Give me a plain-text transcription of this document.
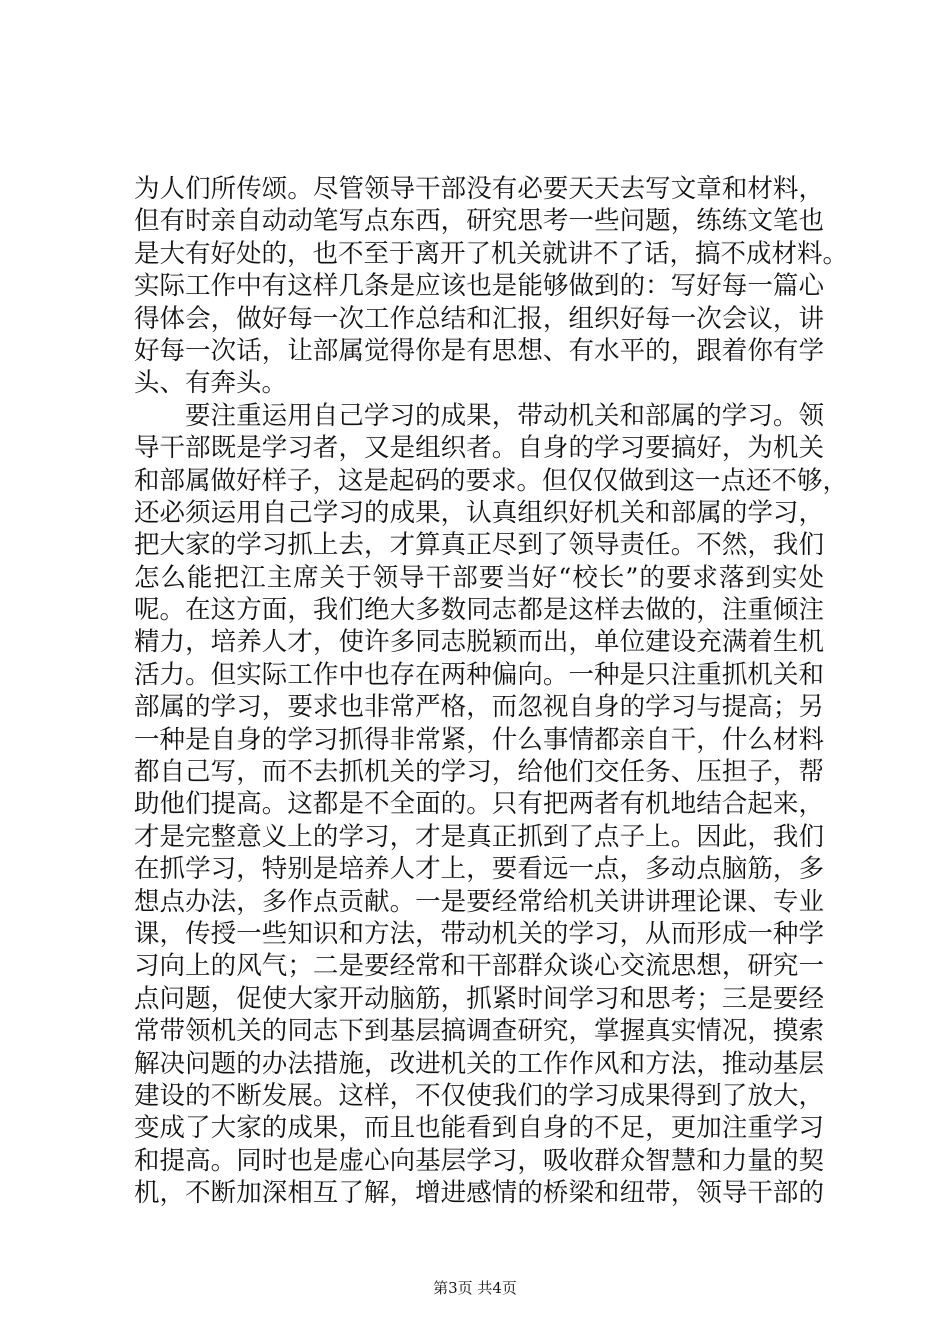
为人们所传颂。尽管领导干部没有必要天天去写文章和材料，
但有时亲自动动笔写点东西，研究思考一些问题，练练文笔也
是大有好处的，也不至于离开了机关就讲不了话，搞不成材料。
实际工作中有这样几条是应该也是能够做到的：写好每一篇心
得体会，做好每一次工作总结和汇报，组织好每一次会议，讲
好每一次话，让部属觉得你是有思想、有水平的，跟着你有学
头、有奔头。
要注重运用自己学习的成果，带动机关和部属的学习。领
导干部既是学习者，又是组织者。自身的学习要搞好，为机关
和部属做好样子，这是起码的要求。但仅仅做到这一点还不够，
还必须运用自己学习的成果，认真组织好机关和部属的学习，
把大家的学习抓上去，才算真正尽到了领导责任。不然，我们
怎么能把江主席关于领导干部要当好“校长”的要求落到实处
呢。在这方面，我们绝大多数同志都是这样去做的，注重倾注
精力，培养人才，使许多同志脱颖而出，单位建设充满着生机
活力。但实际工作中也存在两种偏向。一种是只注重抓机关和
部属的学习，要求也非常严格，而忽视自身的学习与提高；另
一种是自身的学习抓得非常紧，什么事情都亲自干，什么材料
都自己写，而不去抓机关的学习，给他们交任务、压担子，帮
助他们提高。这都是不全面的。只有把两者有机地结合起来，
才是完整意义上的学习，才是真正抓到了点子上。因此，我们
在抓学习，特别是培养人才上，要看远一点，多动点脑筋，多
想点办法，多作点贡献。一是要经常给机关讲讲理论课、专业
课，传授一些知识和方法，带动机关的学习，从而形成一种学
习向上的风气；二是要经常和干部群众谈心交流思想，研究一
点问题，促使大家开动脑筋，抓紧时间学习和思考；三是要经
常带领机关的同志下到基层搞调查研究，掌握真实情况，摸索
解决问题的办法措施，改进机关的工作作风和方法，推动基层
建设的不断发展。这样，不仅使我们的学习成果得到了放大，
变成了大家的成果，而且也能看到自身的不足，更加注重学习
和提高。同时也是虚心向基层学习，吸收群众智慧和力量的契
机，不断加深相互了解，增进感情的桥梁和纽带，领导干部的
第3页 共4页
